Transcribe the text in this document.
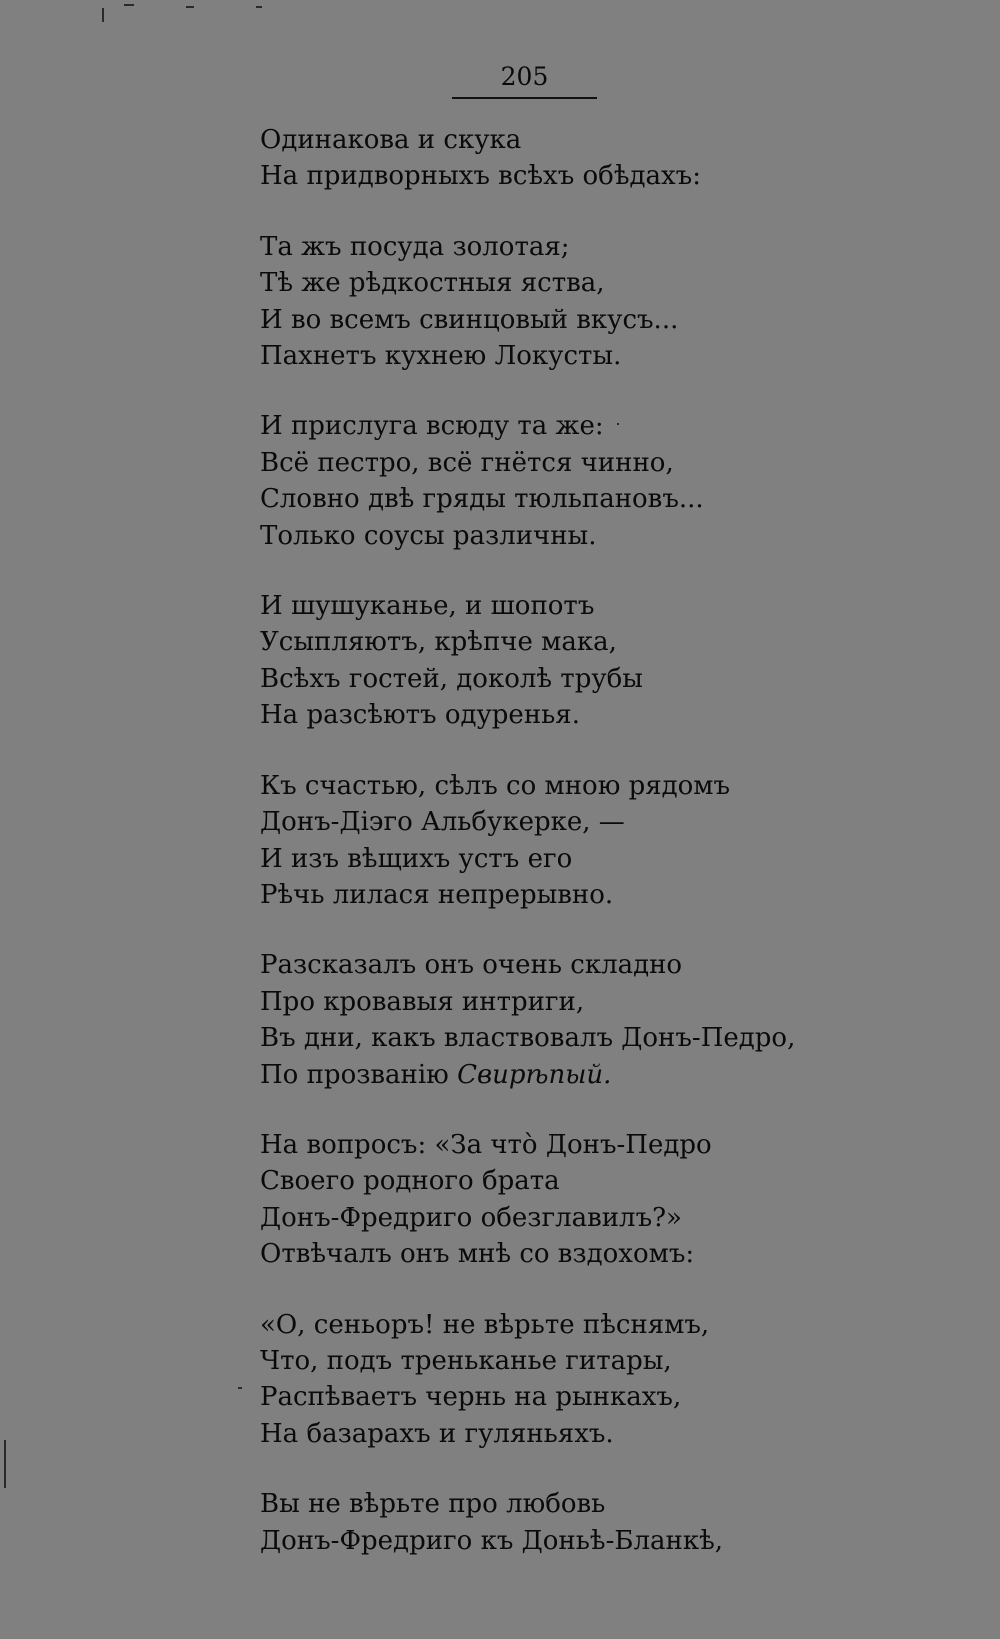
205
Одинакова и скука
На придворныхъ всѣхъ обѣдахъ:
Та жъ посуда золотая;
Тѣ же рѣдкостныя яства,
И во всемъ свинцовый вкусъ...
Пахнетъ кухнею Локусты.
И прислуга всюду та же:
Всё пестро, всё гнётся чинно,
Словно двѣ гряды тюльпановъ...
Только соусы различны.
И шушуканье, и шопотъ
Усыпляютъ, крѣпче мака,
Всѣхъ гостей, доколѣ трубы
На разсѣютъ одуренья.
Къ счастью, сѣлъ со мною рядомъ
Донъ-Діэго Альбукерке, —
И изъ вѣщихъ устъ его
Рѣчь лилася непрерывно.
Разсказалъ онъ очень складно
Про кровавыя интриги,
Въ дни, какъ властвовалъ Донъ-Педро,
По прозванію Свирѣпый.
На вопросъ: «За что̀ Донъ-Педро
Своего родного брата
Донъ-Фредриго обезглавилъ?»
Отвѣчалъ онъ мнѣ со вздохомъ:
«О, сеньоръ! не вѣрьте пѣснямъ,
Что, подъ треньканье гитары,
Распѣваетъ чернь на рынкахъ,
На базарахъ и гуляньяхъ.
Вы не вѣрьте про любовь
Донъ-Фредриго къ Доньѣ-Бланкѣ,
